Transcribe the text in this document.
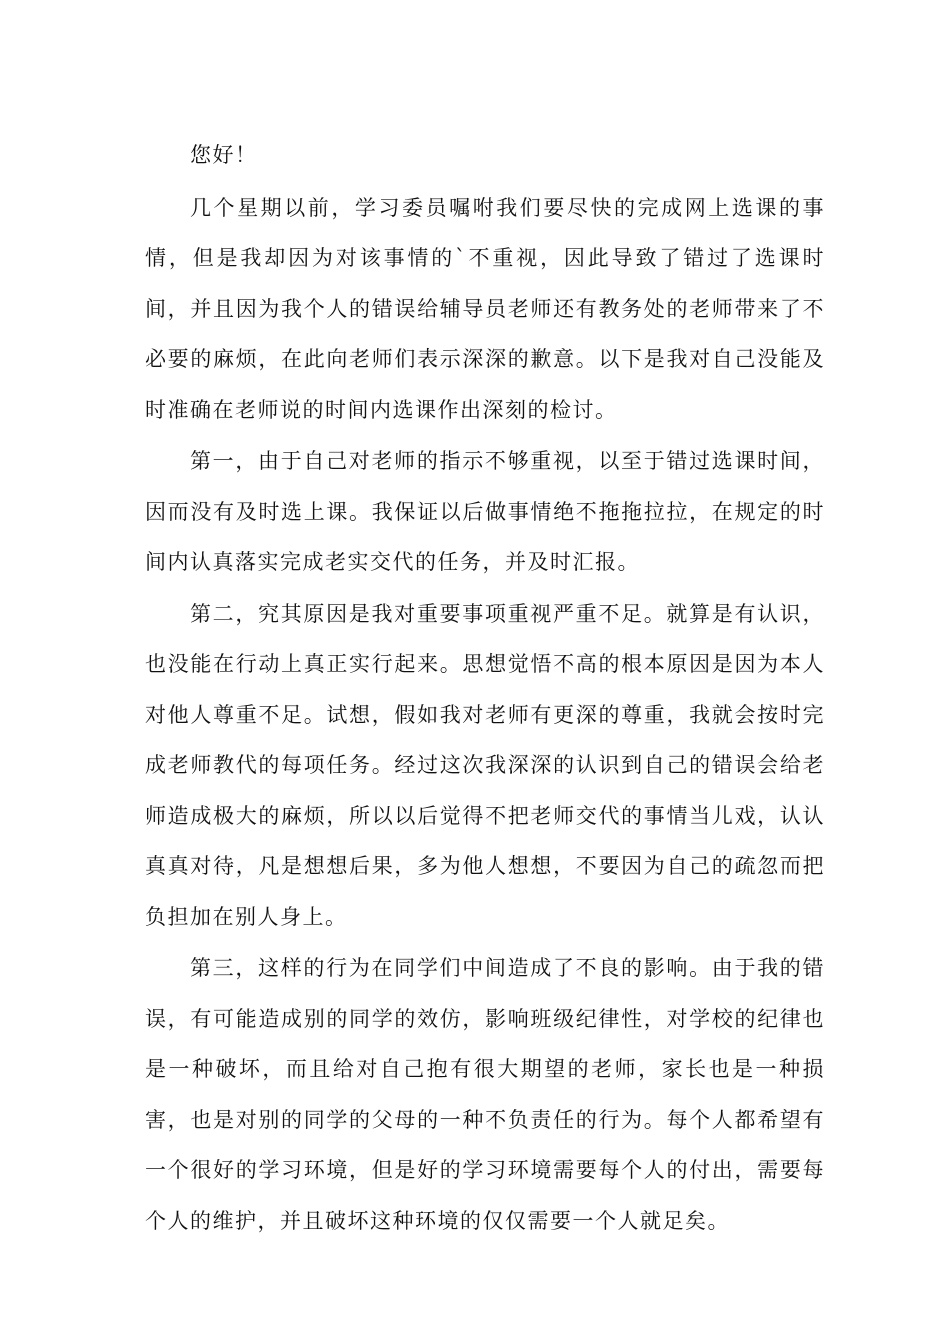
您好！

几个星期以前，学习委员嘱咐我们要尽快的完成网上选课的事情，但是我却因为对该事情的`不重视，因此导致了错过了选课时间，并且因为我个人的错误给辅导员老师还有教务处的老师带来了不必要的麻烦，在此向老师们表示深深的歉意。以下是我对自己没能及时准确在老师说的时间内选课作出深刻的检讨。

第一，由于自己对老师的指示不够重视，以至于错过选课时间，因而没有及时选上课。我保证以后做事情绝不拖拖拉拉，在规定的时间内认真落实完成老实交代的任务，并及时汇报。

第二，究其原因是我对重要事项重视严重不足。就算是有认识，也没能在行动上真正实行起来。思想觉悟不高的根本原因是因为本人对他人尊重不足。试想，假如我对老师有更深的尊重，我就会按时完成老师教代的每项任务。经过这次我深深的认识到自己的错误会给老师造成极大的麻烦，所以以后觉得不把老师交代的事情当儿戏，认认真真对待，凡是想想后果，多为他人想想，不要因为自己的疏忽而把负担加在别人身上。

第三，这样的行为在同学们中间造成了不良的影响。由于我的错误，有可能造成别的同学的效仿，影响班级纪律性，对学校的纪律也是一种破坏，而且给对自己抱有很大期望的老师，家长也是一种损害，也是对别的同学的父母的一种不负责任的行为。每个人都希望有一个很好的学习环境，但是好的学习环境需要每个人的付出，需要每个人的维护，并且破坏这种环境的仅仅需要一个人就足矣。
